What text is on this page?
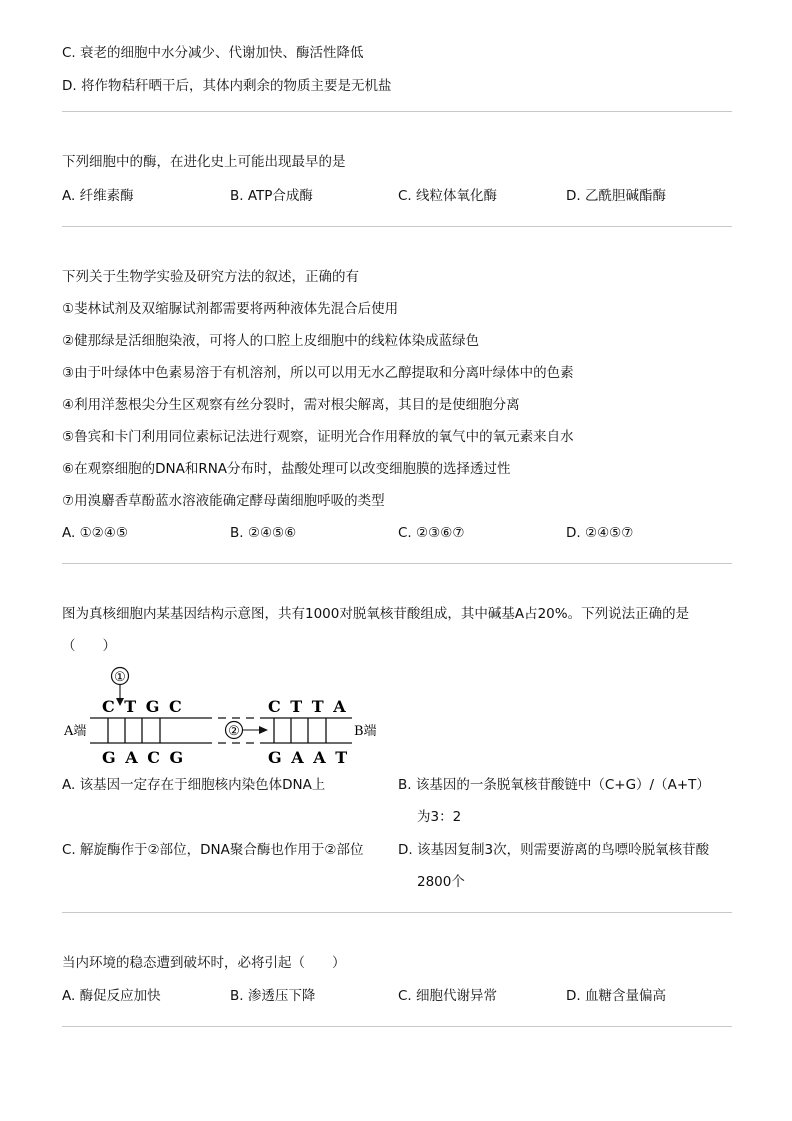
C. 衰老的细胞中水分减少、代谢加快、酶活性降低
D. 将作物秸秆晒干后，其体内剩余的物质主要是无机盐
下列细胞中的酶，在进化史上可能出现最早的是
A. 纤维素酶	B. ATP合成酶	C. 线粒体氧化酶	D. 乙酰胆碱酯酶
下列关于生物学实验及研究方法的叙述，正确的有
①斐林试剂及双缩脲试剂都需要将两种液体先混合后使用
②健那绿是活细胞染液，可将人的口腔上皮细胞中的线粒体染成蓝绿色
③由于叶绿体中色素易溶于有机溶剂，所以可以用无水乙醇提取和分离叶绿体中的色素
④利用洋葱根尖分生区观察有丝分裂时，需对根尖解离，其目的是使细胞分离
⑤鲁宾和卡门利用同位素标记法进行观察，证明光合作用释放的氧气中的氧元素来自水
⑥在观察细胞的DNA和RNA分布时，盐酸处理可以改变细胞膜的选择透过性
⑦用溴麝香草酚蓝水溶液能确定酵母菌细胞呼吸的类型
A. ①②④⑤	B. ②④⑤⑥	C. ②③⑥⑦	D. ②④⑤⑦
图为真核细胞内某基因结构示意图，共有1000对脱氧核苷酸组成，其中碱基A占20%。下列说法正确的是
（　　）
①
C T G C	C T T A
②
A端	B端
G A C G	G A A T
A. 该基因一定存在于细胞核内染色体DNA上	B. 该基因的一条脱氧核苷酸链中（C+G）/（A+T）
为3：2
C. 解旋酶作于②部位，DNA聚合酶也作用于②部位	D. 该基因复制3次，则需要游离的鸟嘌呤脱氧核苷酸
2800个
当内环境的稳态遭到破坏时，必将引起（　　）
A. 酶促反应加快	B. 渗透压下降	C. 细胞代谢异常	D. 血糖含量偏高
